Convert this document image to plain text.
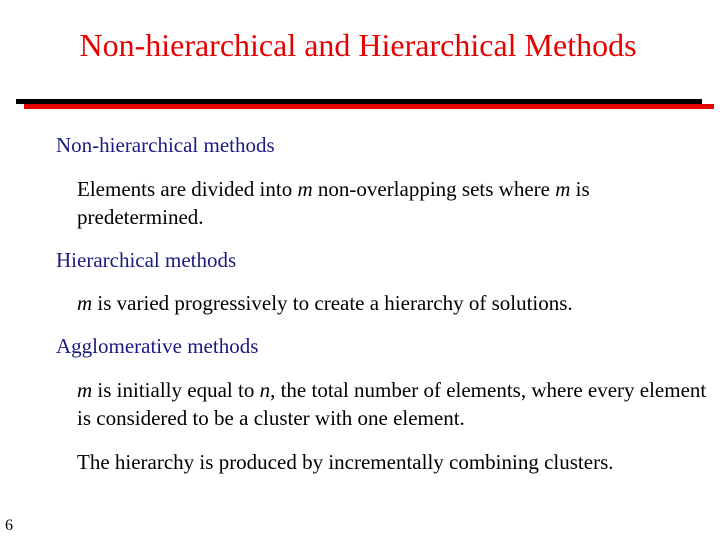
Non-hierarchical and Hierarchical Methods
Non-hierarchical methods
Elements are divided into m non-overlapping sets where m is predetermined.
Hierarchical methods
m is varied progressively to create a hierarchy of solutions.
Agglomerative methods
m is initially equal to n, the total number of elements, where every element is considered to be a cluster with one element.
The hierarchy is produced by incrementally combining clusters.
6
